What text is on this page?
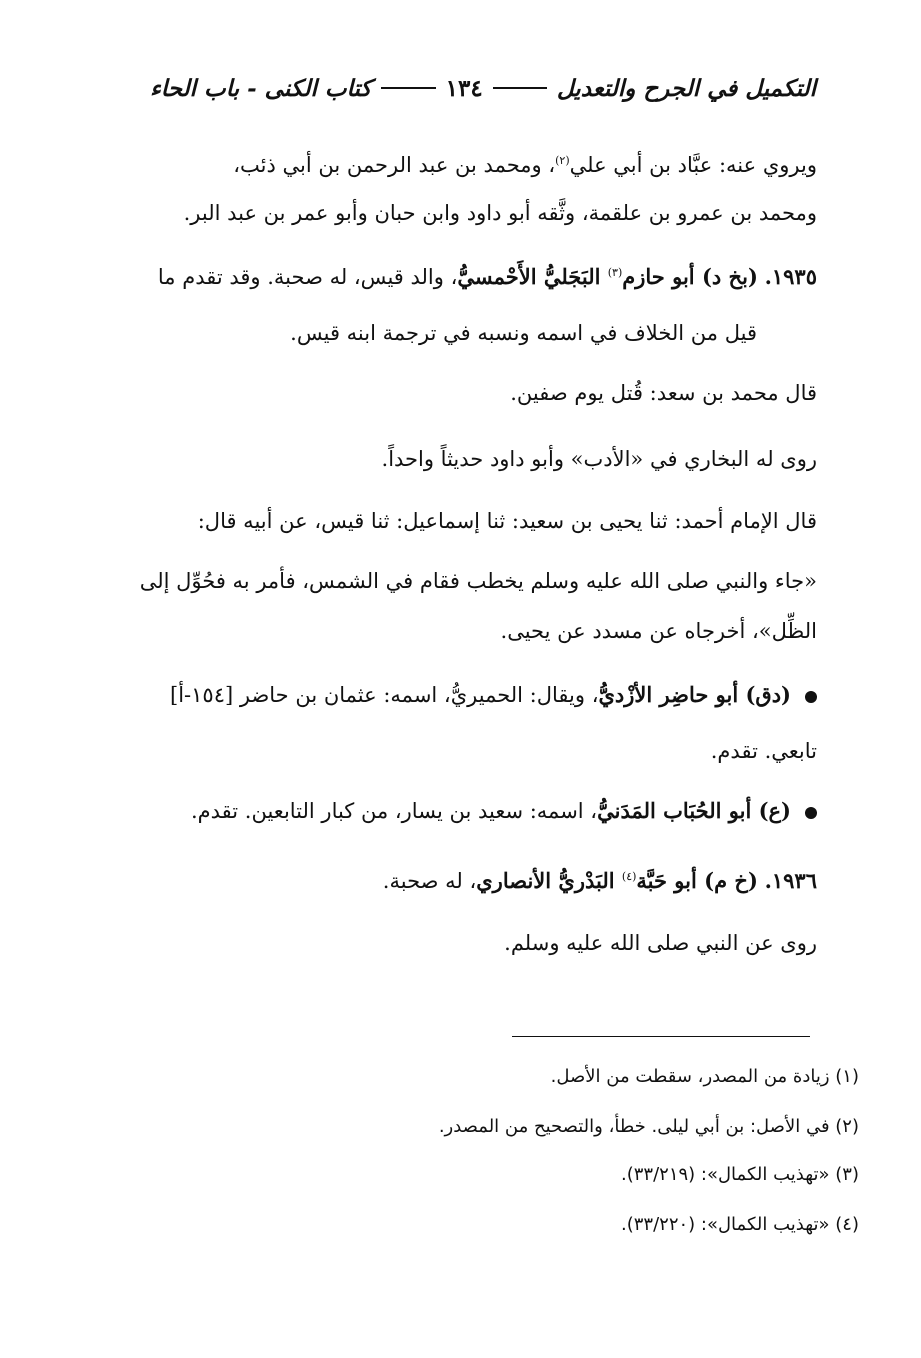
التكميل في الجرح والتعديل
١٣٤
كتاب الكنى - باب الحاء
ويروي عنه: عبَّاد بن أبي علي$^{(٢)}$، ومحمد بن عبد الرحمن بن أبي ذئب،
ومحمد بن عمرو بن علقمة، وثَّقه أبو داود وابن حبان وأبو عمر بن عبد البر.
١٩٣٥. (بخ د) أبو حازم$^{(٣)}$ البَجَليُّ الأَحْمسيُّ، والد قيس، له صحبة. وقد تقدم ما
قيل من الخلاف في اسمه ونسبه في ترجمة ابنه قيس.
قال محمد بن سعد: قُتل يوم صفين.
روى له البخاري في «الأدب» وأبو داود حديثاً واحداً.
قال الإمام أحمد: ثنا يحيى بن سعيد: ثنا إسماعيل: ثنا قيس، عن أبيه قال:
«جاء والنبي صلى الله عليه وسلم يخطب فقام في الشمس، فأمر به فحُوِّل إلى
الظِّل»، أخرجاه عن مسدد عن يحيى.
(دق) أبو حاضِر الأزْديُّ، ويقال: الحميريُّ، اسمه: عثمان بن حاضر [١٥٤-أ]
تابعي. تقدم.
(ع) أبو الحُبَاب المَدَنيُّ، اسمه: سعيد بن يسار، من كبار التابعين. تقدم.
١٩٣٦. (خ م) أبو حَبَّة$^{(٤)}$ البَدْريُّ الأنصاري، له صحبة.
روى عن النبي صلى الله عليه وسلم.
(١) زيادة من المصدر، سقطت من الأصل.
(٢) في الأصل: بن أبي ليلى. خطأ، والتصحيح من المصدر.
(٣) «تهذيب الكمال»: (٣٣/٢١٩).
(٤) «تهذيب الكمال»: (٣٣/٢٢٠).
